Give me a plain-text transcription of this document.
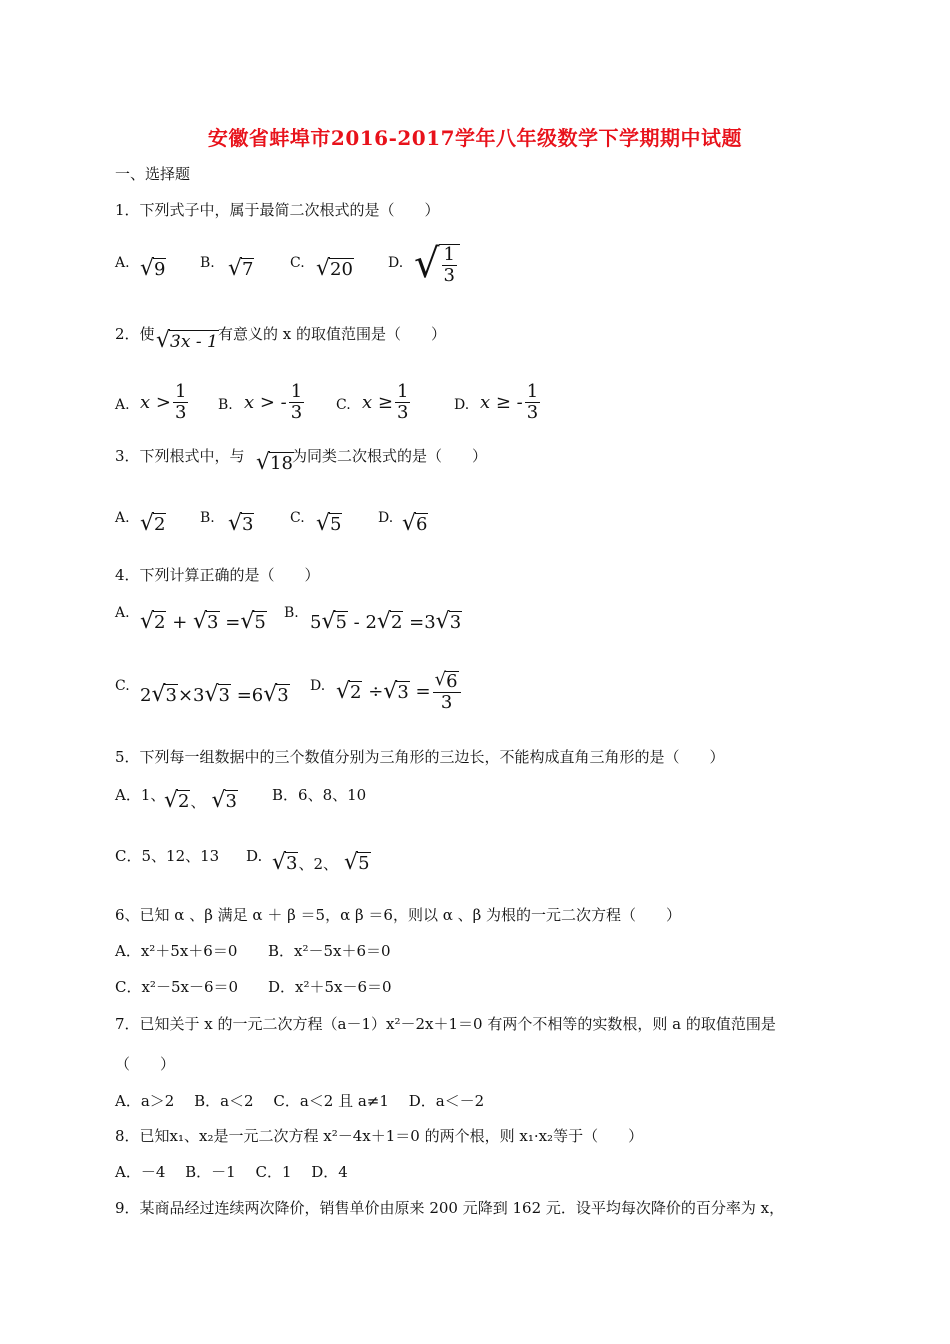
安徽省蚌埠市2016-2017学年八年级数学下学期期中试题
一、选择题
1．下列式子中，属于最简二次根式的是（　　）
A. √ 9 B. √ 7	C. √ 20	D. √ $\frac{1}{3}$
2．使 √ 3x - 1 有意义的 x 的取值范围是（　　）
A. $x > \frac{1}{3} B$. x > - $\frac{1}{3} C$. $x \ge \frac{1}{3}$	D. x ≥ - $\frac{1}{3}$
3．下列根式中，与 √ 18 为同类二次根式的是（　　）
A. √ 2 B. √ 3	C. √ 5	D. √ 6
4．下列计算正确的是（　　）
A. √ 2 + √ 3 = √ 5 B. 5 √ 5 - 2 √ 2 =3 √ 3
C. 2 √ 3 ×3 √ 3 =6 √ 3 D. √ 2 ÷ √ $3 = \frac{√ 6}{3}$
5．下列每一组数据中的三个数值分别为三角形的三边长，不能构成直角三角形的是（　　）
A．1、
√ 2 、 √ 3 B．6、8、10
C．5、12、13 D. √ 3 、2、 √ 5
6、已知 α 、β 满足 α ＋ β ＝5，α β ＝6，则以 α 、β 为根的一元二次方程（　　）
A．x²＋5x＋6＝0 B．x²－5x＋6＝0
C．x²－5x－6＝0 D．x²＋5x－6＝0
7．已知关于 x 的一元二次方程（a－1）x²－2x＋1＝0 有两个不相等的实数根，则 a 的取值范围是
（　　）
A．a＞2　 B．a＜2　 C．a＜2 且 a≠1　 D．a＜－2
8．已知x₁、x₂是一元二次方程 x²－4x＋1＝0 的两个根，则 x₁·x₂等于（　　）
A．－4　 B．－1　 C．1　 D．4
9．某商品经过连续两次降价，销售单价由原来 200 元降到 162 元．设平均每次降价的百分率为 x，
